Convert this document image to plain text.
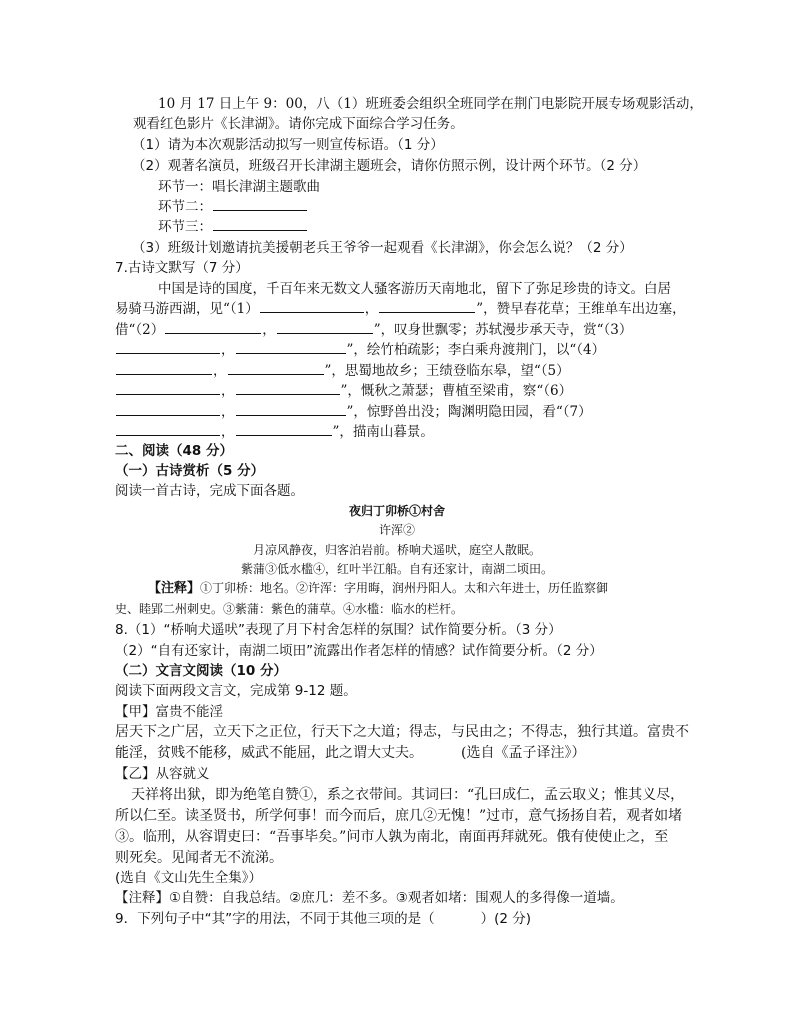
10 月 17 日上午 9：00，八（1）班班委会组织全班同学在荆门电影院开展专场观影活动，
观看红色影片《长津湖》。请你完成下面综合学习任务。
（1）请为本次观影活动拟写一则宣传标语。（1 分）
（2）观著名演员，班级召开长津湖主题班会，请你仿照示例，设计两个环节。（2 分）
环节一：唱长津湖主题歌曲
环节二：
环节三：
（3）班级计划邀请抗美援朝老兵王爷爷一起观看《长津湖》，你会怎么说？（2 分）
7.古诗文默写（7 分）
中国是诗的国度，千百年来无数文人骚客游历天南地北，留下了弥足珍贵的诗文。白居
易骑马游西湖，见“（1）	，	”，赞早春花草；王维单车出边塞，
借“（2）	，	”，叹身世飘零；苏轼漫步承天寺，赏“（3）
，	”，绘竹柏疏影；李白乘舟渡荆门，以“（4）
，	”，思蜀地故乡；王绩登临东皋，望“（5）
，	”，慨秋之萧瑟；曹植至梁甫，察“（6）
，	”，惊野兽出没；陶渊明隐田园，看“（7）
，	”，描南山暮景。
二、阅读（48 分）
（一）古诗赏析（5 分）
阅读一首古诗，完成下面各题。
夜归丁卯桥①村舍
许浑②
月凉风静夜，归客泊岩前。桥响犬遥吠，庭空人散眠。
紫蒲③低水槛④，红叶半江船。自有还家计，南湖二顷田。
【注释】①丁卯桥：地名。②许浑：字用晦，润州丹阳人。太和六年进士，历任监察御
史、睦郢二州刺史。③紫蒲：紫色的蒲草。④水槛：临水的栏杆。
8.（1）“桥响犬遥吠”表现了月下村舍怎样的氛围？试作简要分析。（3 分）
（2）“自有还家计，南湖二顷田”流露出作者怎样的情感？试作简要分析。（2 分）
（二）文言文阅读（10 分）
阅读下面两段文言文，完成第 9-12 题。
【甲】富贵不能淫
居天下之广居，立天下之正位，行天下之大道；得志，与民由之；不得志，独行其道。富贵不
能淫，贫贱不能移，威武不能屈，此之谓大丈夫。	(选自《孟子译注》）
【乙】从容就义
天祥将出狱，即为绝笔自赞①，系之衣带间。其词曰：“孔曰成仁，孟云取义；惟其义尽，
所以仁至。读圣贤书，所学何事！而今而后，庶几②无愧！”过市，意气扬扬自若，观者如堵
③。临刑，从容谓吏曰：“吾事毕矣。”问市人孰为南北，南面再拜就死。俄有使使止之，至
则死矣。见闻者无不流涕。
(选自《文山先生全集》）
【注释】①自赞：自我总结。②庶几：差不多。③观者如堵：围观人的多得像一道墙。
9．下列句子中“其”字的用法，不同于其他三项的是（	）(2 分)
